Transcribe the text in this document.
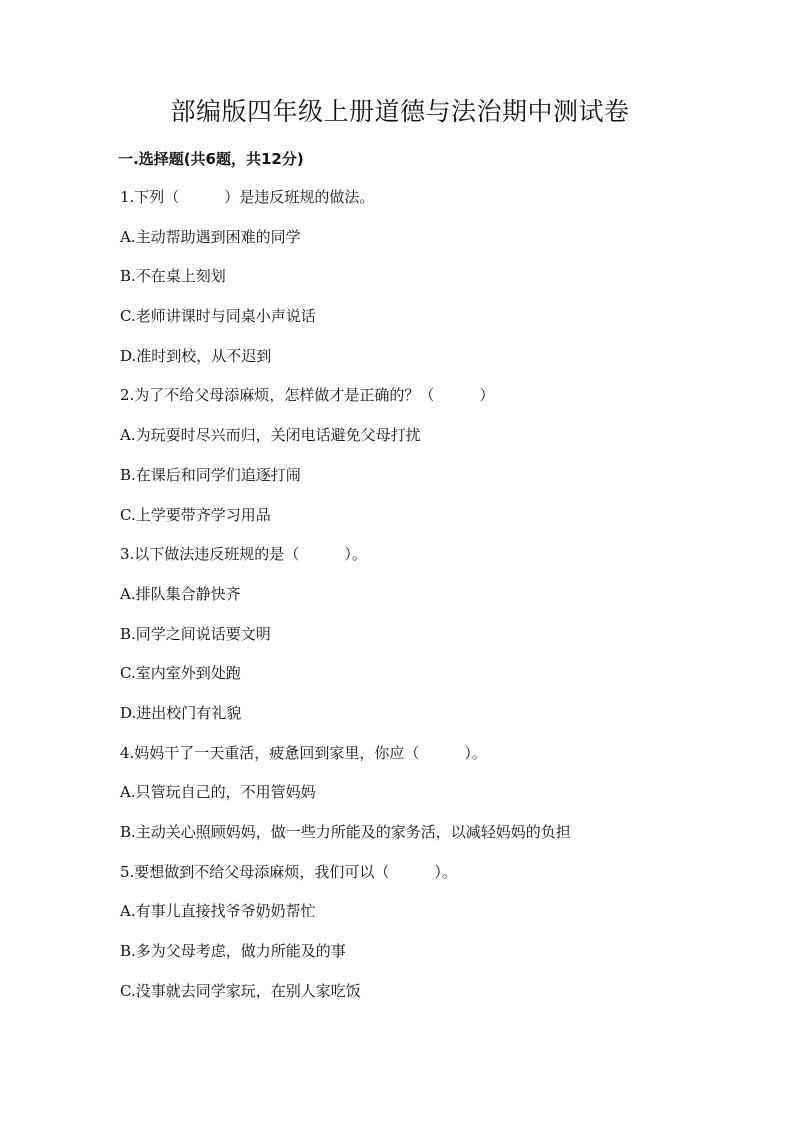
部编版四年级上册道德与法治期中测试卷
一.选择题(共6题，共12分)
1.下列（　　　）是违反班规的做法。
A.主动帮助遇到困难的同学
B.不在桌上刻划
C.老师讲课时与同桌小声说话
D.准时到校，从不迟到
2.为了不给父母添麻烦，怎样做才是正确的？（　　　）
A.为玩耍时尽兴而归，关闭电话避免父母打扰
B.在课后和同学们追逐打闹
C.上学要带齐学习用品
3.以下做法违反班规的是（　　　）。
A.排队集合静快齐
B.同学之间说话要文明
C.室内室外到处跑
D.进出校门有礼貌
4.妈妈干了一天重活，疲惫回到家里，你应（　　　）。
A.只管玩自己的，不用管妈妈
B.主动关心照顾妈妈，做一些力所能及的家务活，以减轻妈妈的负担
5.要想做到不给父母添麻烦，我们可以（　　　）。
A.有事儿直接找爷爷奶奶帮忙
B.多为父母考虑，做力所能及的事
C.没事就去同学家玩，在别人家吃饭
